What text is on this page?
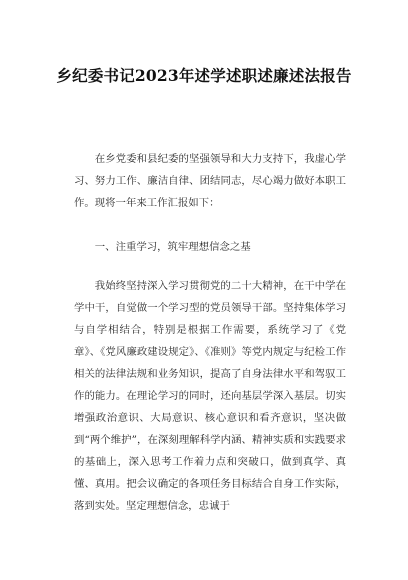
乡纪委书记2023年述学述职述廉述法报告
在乡党委和县纪委的坚强领导和大力支持下，我虚心学习、努力工作、廉洁自律、团结同志，尽心竭力做好本职工作。现将一年来工作汇报如下：
一、注重学习，筑牢理想信念之基
我始终坚持深入学习贯彻党的二十大精神，在干中学在学中干，自觉做一个学习型的党员领导干部。坚持集体学习与自学相结合，特别是根据工作需要，系统学习了《党章》、《党风廉政建设规定》、《准则》等党内规定与纪检工作相关的法律法规和业务知识，提高了自身法律水平和驾驭工作的能力。在理论学习的同时，还向基层学深入基层。切实增强政治意识、大局意识、核心意识和看齐意识，坚决做到“两个维护”，在深刻理解科学内涵、精神实质和实践要求的基础上，深入思考工作着力点和突破口，做到真学、真懂、真用。把会议确定的各项任务目标结合自身工作实际，落到实处。坚定理想信念，忠诚于
